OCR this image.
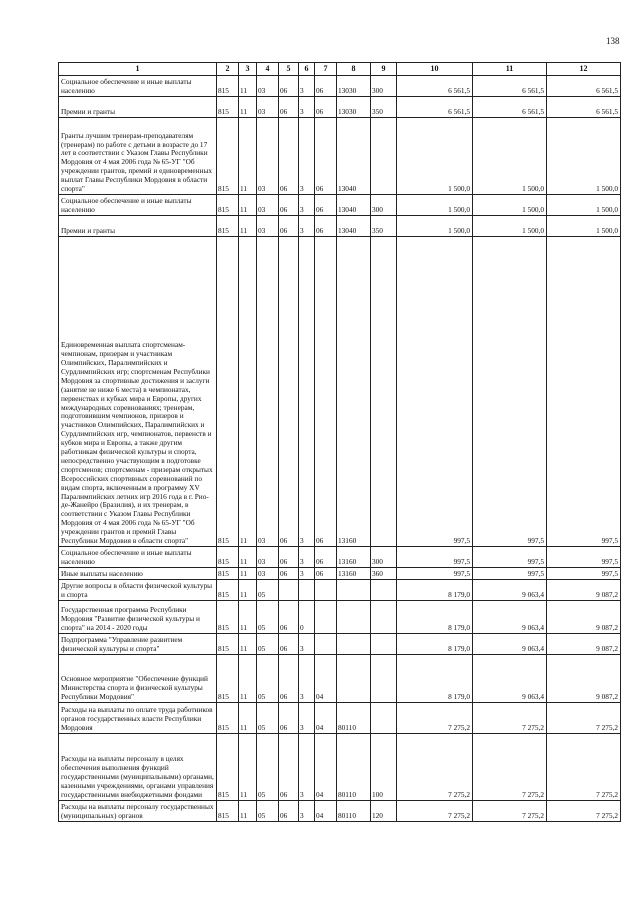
138
1	2	3	4	5	6	7	8	9	10	11	12
Социальное обеспечение и иные выплаты населению	815	11	03	06	3	06	13030	300	6 561,5	6 561,5	6 561,5
Премии и гранты	815	11	03	06	3	06	13030	350	6 561,5	6 561,5	6 561,5
Гранты лучшим тренерам-преподавателям (тренерам) по работе с детьми в возрасте до 17 лет в соответствии с Указом Главы Республики Мордовия от 4 мая 2006 года № 65-УГ "Об учреждении грантов, премий и единовременных выплат Главы Республики Мордовия в области спорта"	815	11	03	06	3	06	13040		1 500,0	1 500,0	1 500,0
Социальное обеспечение и иные выплаты населению	815	11	03	06	3	06	13040	300	1 500,0	1 500,0	1 500,0
Премии и гранты	815	11	03	06	3	06	13040	350	1 500,0	1 500,0	1 500,0
Единовременная выплата спортсменам-чемпионам, призерам и участникам Олимпийских, Паралимпийских и Сурдлимпийских игр; спортсменам Республики Мордовия за спортивные достижения и заслуги (занятие не ниже 6 места) в чемпионатах, первенствах и кубках мира и Европы, других международных соревнованиях; тренерам, подготовившим чемпионов, призеров и участников Олимпийских, Паралимпийских и Сурдлимпийских игр, чемпионатов, первенств и кубков мира и Европы, а также другим работникам физической культуры и спорта, непосредственно участвующим в подготовке спортсменов; спортсменам - призерам открытых Всероссийских спортивных соревнований по видам спорта, включенным в программу XV Паралимпийских летних игр 2016 года в г. Рио-де-Жанейро (Бразилия), и их тренерам, в соответствии с Указом Главы Республики Мордовия от 4 мая 2006 года № 65-УГ "Об учреждении грантов и премий Главы Республики Мордовия в области спорта"	815	11	03	06	3	06	13160		997,5	997,5	997,5
Социальное обеспечение и иные выплаты населению	815	11	03	06	3	06	13160	300	997,5	997,5	997,5
Иные выплаты населению	815	11	03	06	3	06	13160	360	997,5	997,5	997,5
Другие вопросы в области физической культуры и спорта	815	11	05						8 179,0	9 063,4	9 087,2
Государственная программа Республики Мордовия "Развитие физической культуры и спорта" на 2014 - 2020 годы	815	11	05	06	0				8 179,0	9 063,4	9 087,2
Подпрограмма "Управление развитием физической культуры и спорта"	815	11	05	06	3				8 179,0	9 063,4	9 087,2
Основное мероприятие "Обеспечение функций Министерства спорта и физической культуры Республики Мордовия"	815	11	05	06	3	04			8 179,0	9 063,4	9 087,2
Расходы на выплаты по оплате труда работников органов государственных власти Республики Мордовия	815	11	05	06	3	04	80110		7 275,2	7 275,2	7 275,2
Расходы на выплаты персоналу в целях обеспечения выполнения функций государственными (муниципальными) органами, казенными учреждениями, органами управления государственными внебюджетными фондами	815	11	05	06	3	04	80110	100	7 275,2	7 275,2	7 275,2
Расходы на выплаты персоналу государственных (муниципальных) органов	815	11	05	06	3	04	80110	120	7 275,2	7 275,2	7 275,2
